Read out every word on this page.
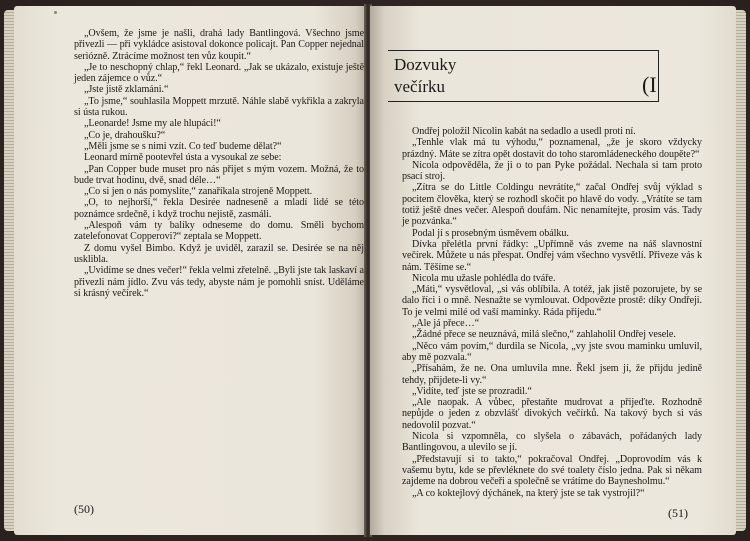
„Ovšem, že jsme je našli, drahá lady Bantlingová. Všechno jsme přivezli — při vykládce asistoval dokonce policajt. Pan Copper nejednal seriózně. Ztrácíme možnost ten vůz koupit.“

„Je to neschopný chlap,“ řekl Leonard. „Jak se ukázalo, existuje ještě jeden zájemce o vůz.“

„Jste jistě zklamáni.“

„To jsme,“ souhlasila Moppett mrzutě. Náhle slabě vykřikla a zakryla si ústa rukou.

„Leonarde! Jsme my ale hlupáci!“

„Co je, drahoušku?“

„Měli jsme se s nimi vzít. Co teď budeme dělat?“

Leonard mírně pootevřel ústa a vysoukal ze sebe:

„Pan Copper bude muset pro nás přijet s mým vozem. Možná, že to bude trvat hodinu, dvě, snad déle…“

„Co si jen o nás pomyslíte,“ zanaříkala strojeně Moppett.

„O, to nejhorší,“ řekla Desirée nadneseně a mladí lidé se této poznámce srdečně, i když trochu nejistě, zasmáli.

„Alespoň vám ty balíky odneseme do domu. Směli bychom zatelefonovat Copperovi?“ zeptala se Moppett.

Z domu vyšel Bimbo. Když je uviděl, zarazil se. Desirée se na něj usklibla.

„Uvidíme se dnes večer!“ řekla velmi zřetelně. „Byli jste tak laskaví a přivezli nám jídlo. Zvu vás tedy, abyste nám je pomohli sníst. Uděláme si krásný večírek.“

(50)
Dozvuky večírku	(I

Ondřej položil Nicolin kabát na sedadlo a usedl proti ní.

„Tenhle vlak má tu výhodu,“ poznamenal, „že je skoro vždycky prázdný. Máte se zítra opět dostavit do toho staromládeneckého doupěte?“

Nicola odpověděla, že ji o to pan Pyke požádal. Nechala si tam proto psací stroj.

„Zítra se do Little Coldingu nevrátíte,“ začal Ondřej svůj výklad s pocitem člověka, který se rozhodl skočit po hlavě do vody. „Vrátíte se tam totiž ještě dnes večer. Alespoň doufám. Nic nenamítejte, prosím vás. Tady je pozvánka.“

Podal jí s prosebným úsměvem obálku.

Dívka přelétla první řádky: „Upřímně vás zveme na náš slavnostní večírek. Můžete u nás přespat. Ondřej vám všechno vysvětlí. Přiveze vás k nám. Těšíme se.“

Nicola mu užasle pohlédla do tváře.

„Máti,“ vysvětloval, „si vás oblíbila. A totéž, jak jistě pozorujete, by se dalo říci i o mně. Nesnažte se vymlouvat. Odpovězte prostě: díky Ondřeji. To je velmi milé od vaší maminky. Ráda přijedu.“

„Ale já přece…“

„Žádné přece se neuznává, milá slečno,“ zahlaholil Ondřej vesele.

„Něco vám povím,“ durdila se Nicola, „vy jste svou maminku umluvil, aby mě pozvala.“

„Přísahám, že ne. Ona umluvila mne. Řekl jsem jí, že přijdu jedině tehdy, přijdete-li vy.“

„Vidíte, teď jste se prozradil.“

„Ale naopak. A vůbec, přestaňte mudrovat a přijeďte. Rozhodně nepůjde o jeden z obzvlášť divokých večírků. Na takový bych si vás nedovolil pozvat.“

Nicola si vzpomněla, co slyšela o zábavách, pořádaných lady Bantlingovou, a ulevilo se jí.

„Představují si to takto,“ pokračoval Ondřej. „Doprovodím vás k vašemu bytu, kde se převléknete do své toalety číslo jedna. Pak si někam zajdeme na dobrou večeři a společně se vrátíme do Baynesholmu.“

„A co koktejlový dýchánek, na který jste se tak vystrojil?“

(51)
